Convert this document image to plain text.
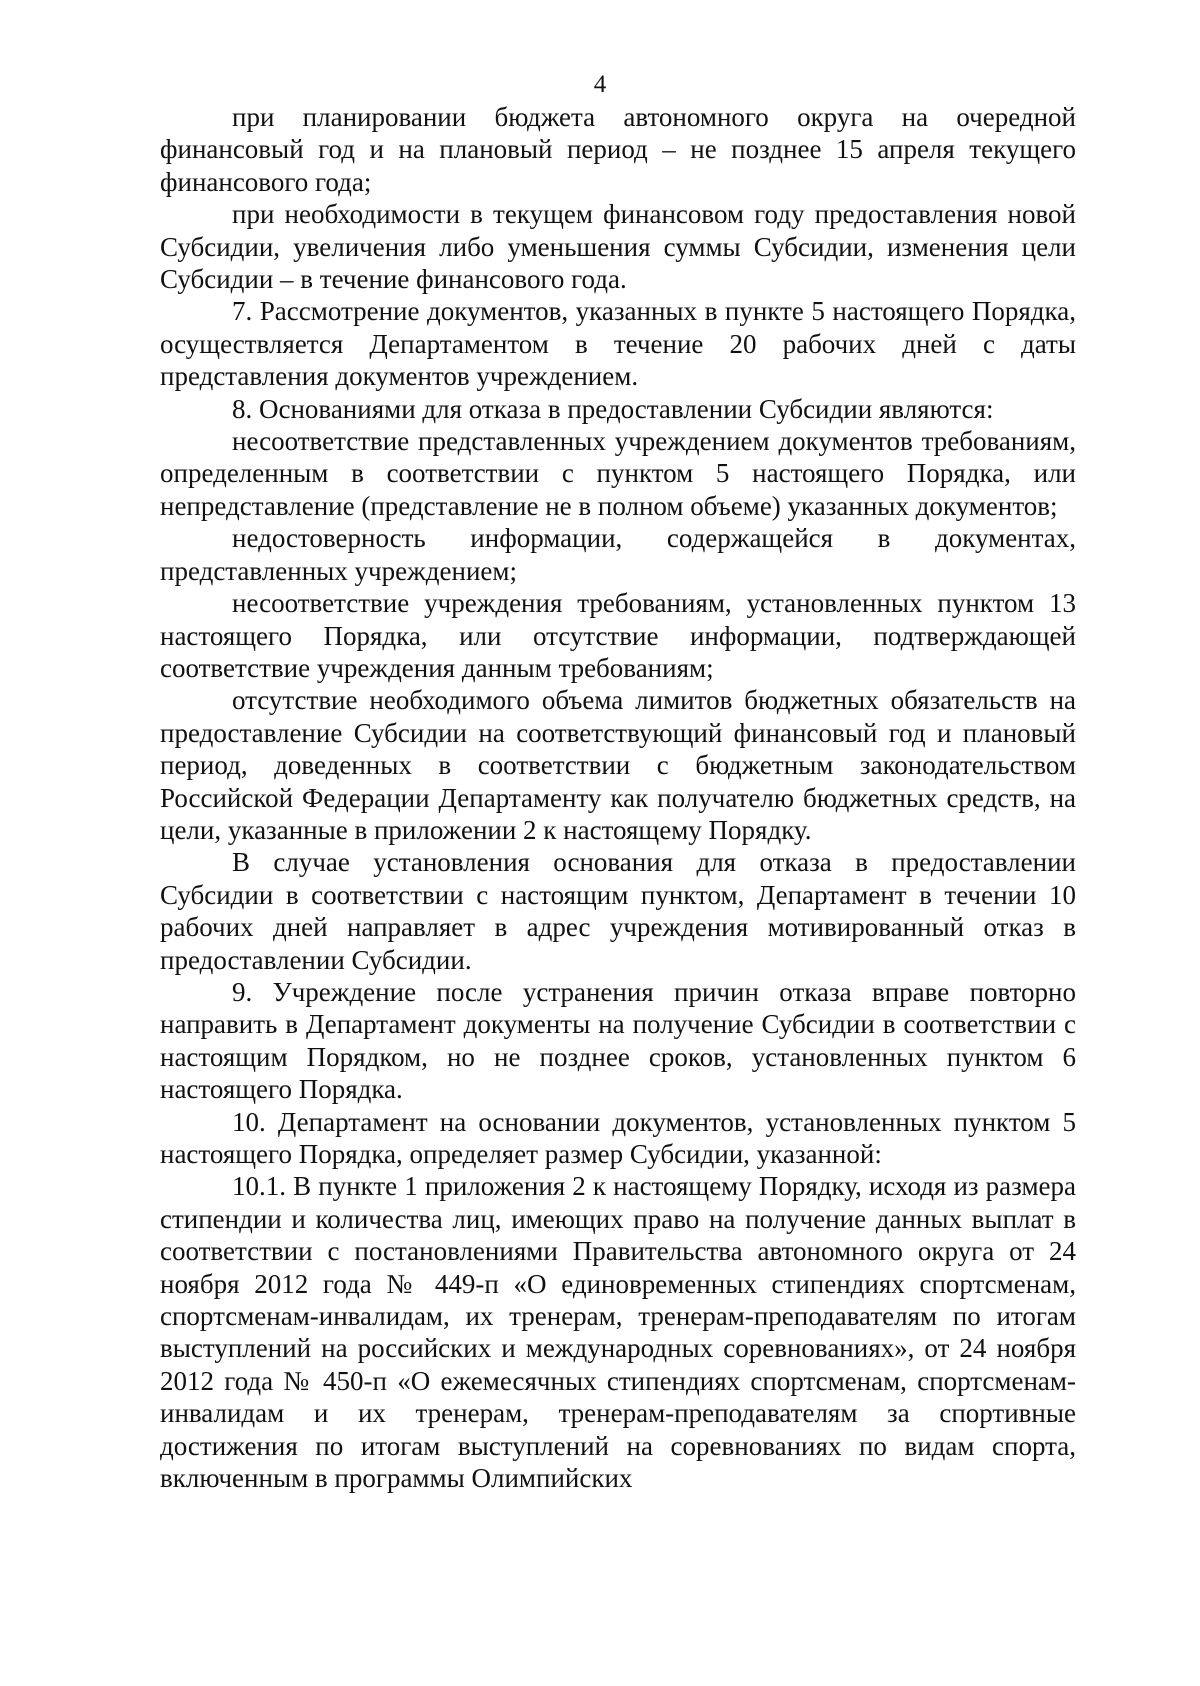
4

при планировании бюджета автономного округа на очередной финансовый год и на плановый период – не позднее 15 апреля текущего финансового года;

при необходимости в текущем финансовом году предоставления новой Субсидии, увеличения либо уменьшения суммы Субсидии, изменения цели Субсидии – в течение финансового года.

7. Рассмотрение документов, указанных в пункте 5 настоящего Порядка, осуществляется Департаментом в течение 20 рабочих дней с даты представления документов учреждением.

8. Основаниями для отказа в предоставлении Субсидии являются:

несоответствие представленных учреждением документов требованиям, определенным в соответствии с пунктом 5 настоящего Порядка, или непредставление (представление не в полном объеме) указанных документов;

недостоверность информации, содержащейся в документах, представленных учреждением;

несоответствие учреждения требованиям, установленных пунктом 13 настоящего Порядка, или отсутствие информации, подтверждающей соответствие учреждения данным требованиям;

отсутствие необходимого объема лимитов бюджетных обязательств на предоставление Субсидии на соответствующий финансовый год и плановый период, доведенных в соответствии с бюджетным законодательством Российской Федерации Департаменту как получателю бюджетных средств, на цели, указанные в приложении 2 к настоящему Порядку.

В случае установления основания для отказа в предоставлении Субсидии в соответствии с настоящим пунктом, Департамент в течении 10 рабочих дней направляет в адрес учреждения мотивированный отказ в предоставлении Субсидии.

9. Учреждение после устранения причин отказа вправе повторно направить в Департамент документы на получение Субсидии в соответствии с настоящим Порядком, но не позднее сроков, установленных пунктом 6 настоящего Порядка.

10. Департамент на основании документов, установленных пунктом 5 настоящего Порядка, определяет размер Субсидии, указанной:

10.1. В пункте 1 приложения 2 к настоящему Порядку, исходя из размера стипендии и количества лиц, имеющих право на получение данных выплат в соответствии с постановлениями Правительства автономного округа от 24 ноября 2012 года № 449-п «О единовременных стипендиях спортсменам, спортсменам-инвалидам, их тренерам, тренерам-преподавателям по итогам выступлений на российских и международных соревнованиях», от 24 ноября 2012 года № 450-п «О ежемесячных стипендиях спортсменам, спортсменам-инвалидам и их тренерам, тренерам-преподавателям за спортивные достижения по итогам выступлений на соревнованиях по видам спорта, включенным в программы Олимпийских
